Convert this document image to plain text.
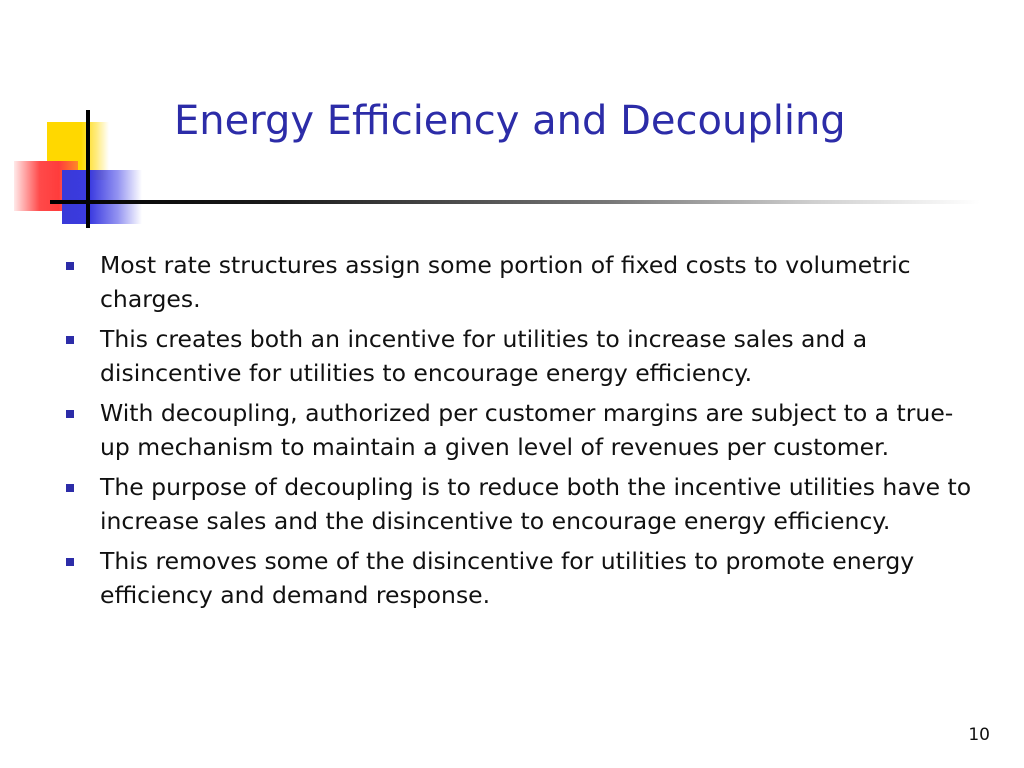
Energy Efficiency and Decoupling
Most rate structures assign some portion of fixed costs to volumetric charges.
This creates both an incentive for utilities to increase sales and a disincentive for utilities to encourage energy efficiency.
With decoupling, authorized per customer margins are subject to a true-up mechanism to maintain a given level of revenues per customer.
The purpose of decoupling is to reduce both the incentive utilities have to increase sales and the disincentive to encourage energy efficiency.
This removes some of the disincentive for utilities to promote energy efficiency and demand response.
10
